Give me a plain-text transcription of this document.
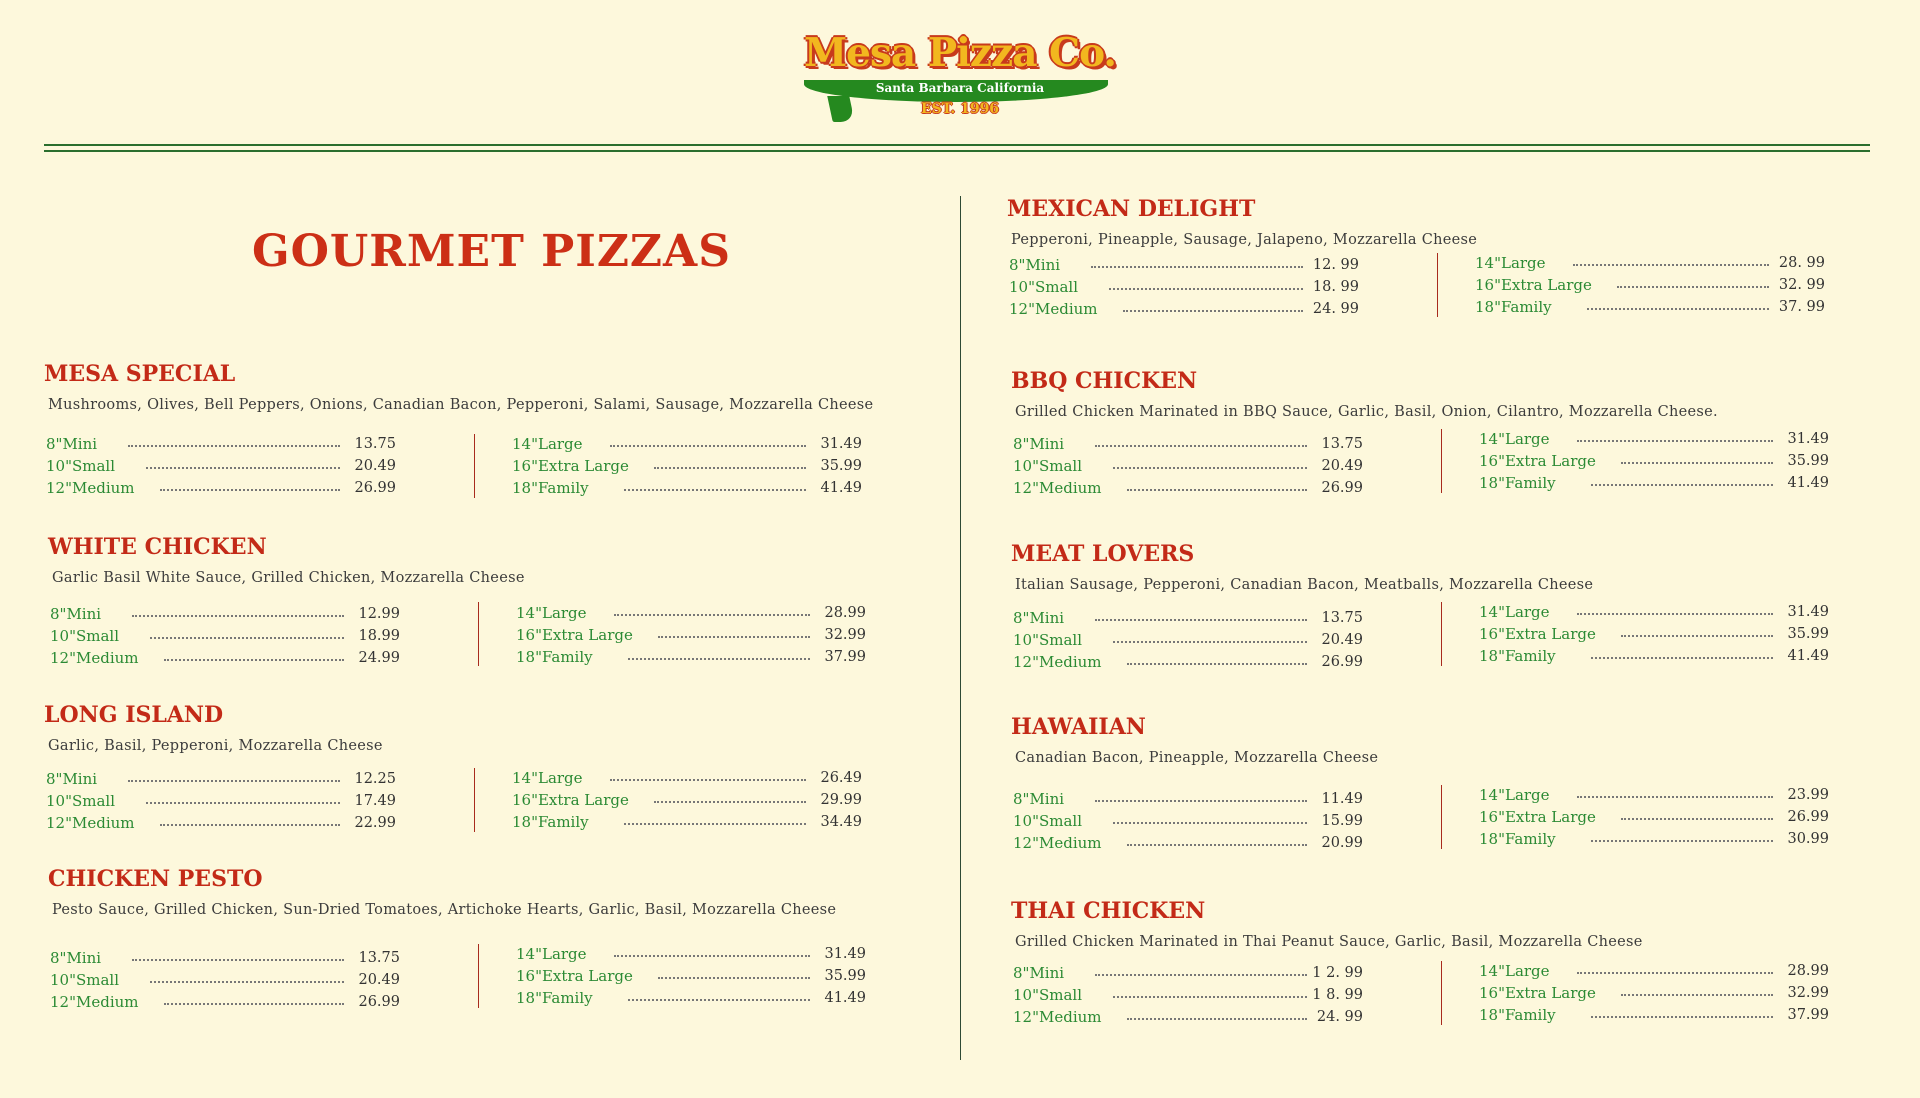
Mesa Pizza Co.
Santa Barbara California
EST. 1996
GOURMET PIZZAS
MESA SPECIAL
Mushrooms, Olives, Bell Peppers, Onions, Canadian Bacon, Pepperoni, Salami, Sausage, Mozzarella Cheese
8"Mini	13.75
10"Small	20.49
12"Medium	26.99
14"Large	31.49
16"Extra Large	35.99
18"Family	41.49
WHITE CHICKEN
Garlic Basil White Sauce, Grilled Chicken, Mozzarella Cheese
8"Mini	12.99
10"Small	18.99
12"Medium	24.99
14"Large	28.99
16"Extra Large	32.99
18"Family	37.99
LONG ISLAND
Garlic, Basil, Pepperoni, Mozzarella Cheese
8"Mini	12.25
10"Small	17.49
12"Medium	22.99
14"Large	26.49
16"Extra Large	29.99
18"Family	34.49
CHICKEN PESTO
Pesto Sauce, Grilled Chicken, Sun-Dried Tomatoes, Artichoke Hearts, Garlic, Basil, Mozzarella Cheese
8"Mini	13.75
10"Small	20.49
12"Medium	26.99
14"Large	31.49
16"Extra Large	35.99
18"Family	41.49
MEXICAN DELIGHT
Pepperoni, Pineapple, Sausage, Jalapeno, Mozzarella Cheese
8"Mini	12. 99
10"Small	18. 99
12"Medium	24. 99
14"Large	28. 99
16"Extra Large	32. 99
18"Family	37. 99
BBQ CHICKEN
Grilled Chicken Marinated in BBQ Sauce, Garlic, Basil, Onion, Cilantro, Mozzarella Cheese.
8"Mini	13.75
10"Small	20.49
12"Medium	26.99
14"Large	31.49
16"Extra Large	35.99
18"Family	41.49
MEAT LOVERS
Italian Sausage, Pepperoni, Canadian Bacon, Meatballs, Mozzarella Cheese
8"Mini	13.75
10"Small	20.49
12"Medium	26.99
14"Large	31.49
16"Extra Large	35.99
18"Family	41.49
HAWAIIAN
Canadian Bacon, Pineapple, Mozzarella Cheese
8"Mini	11.49
10"Small	15.99
12"Medium	20.99
14"Large	23.99
16"Extra Large	26.99
18"Family	30.99
THAI CHICKEN
Grilled Chicken Marinated in Thai Peanut Sauce, Garlic, Basil, Mozzarella Cheese
8"Mini	1 2. 99
10"Small	1 8. 99
12"Medium	24. 99
14"Large	28.99
16"Extra Large	32.99
18"Family	37.99
